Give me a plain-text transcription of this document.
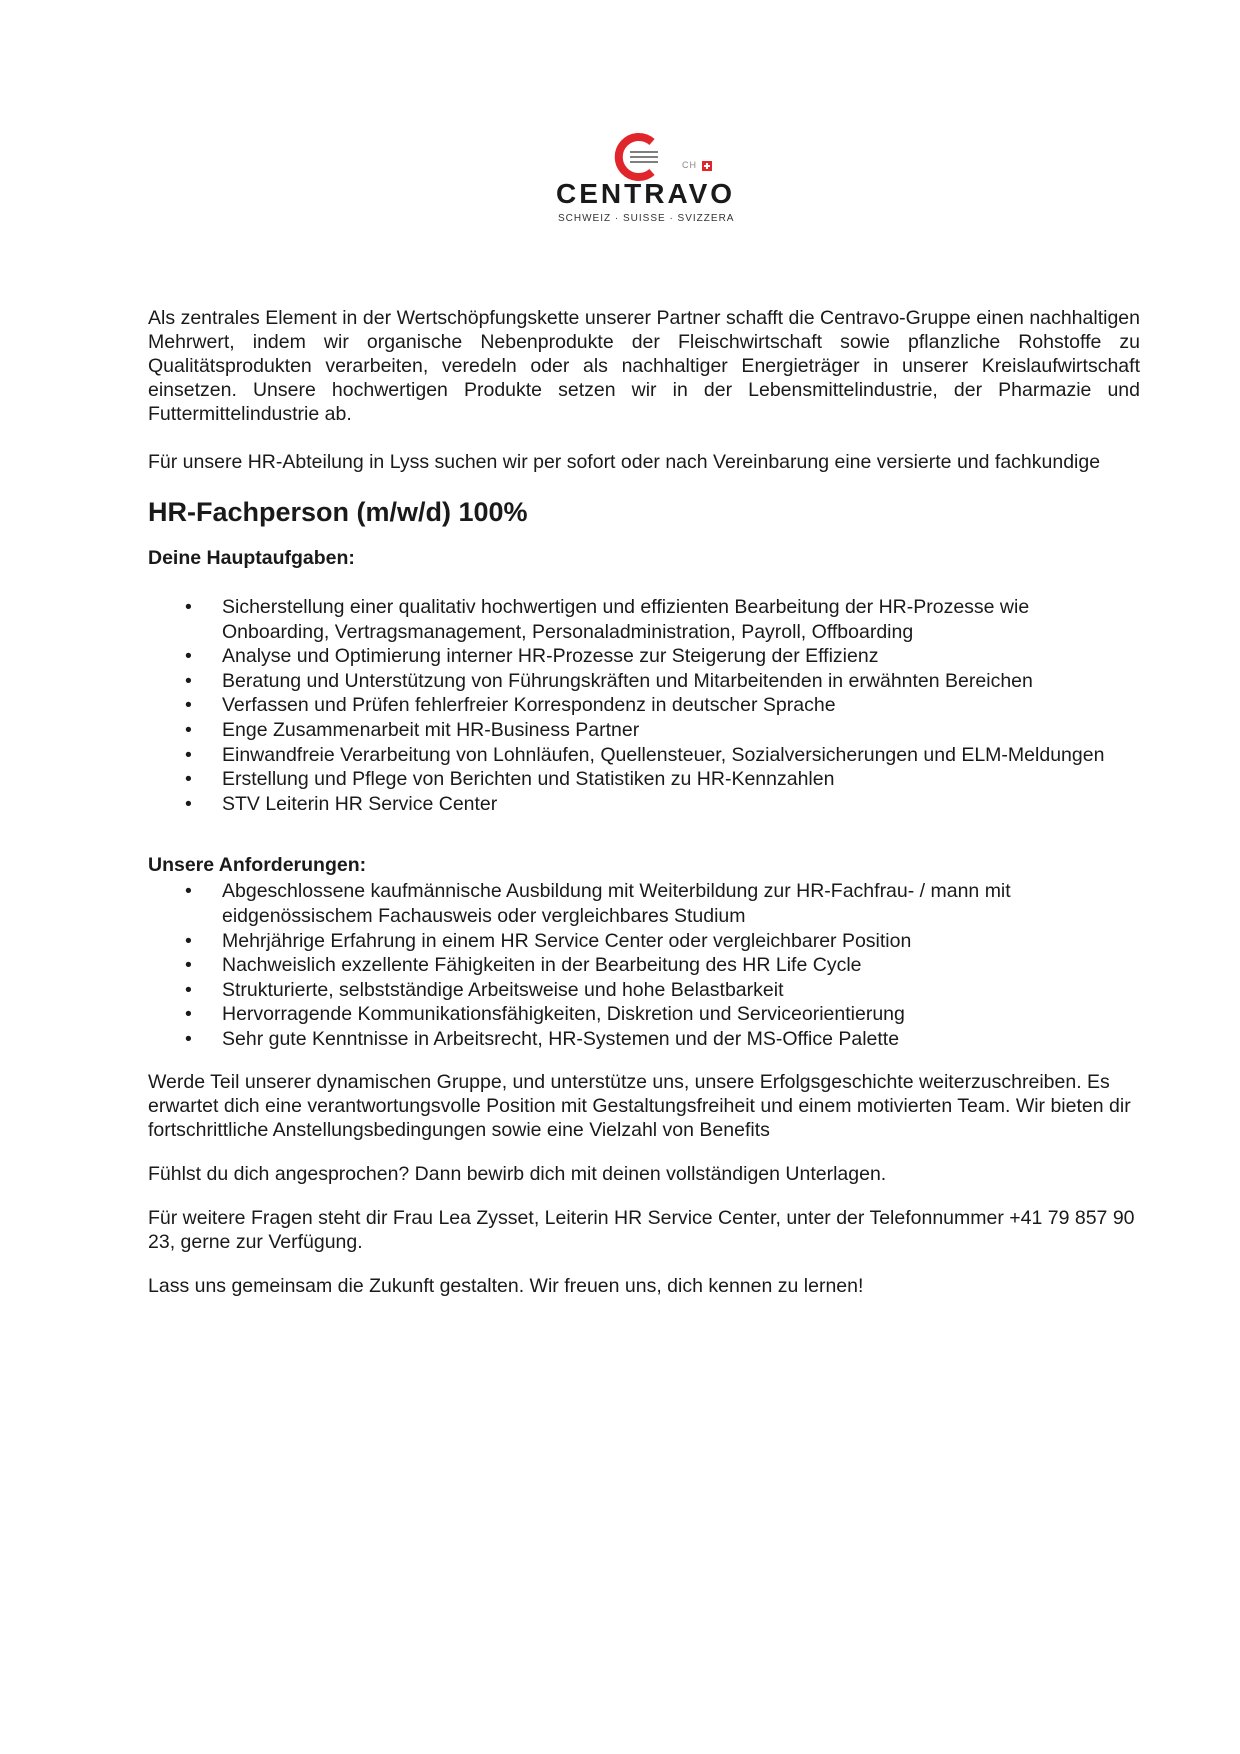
CH
CENTRAVO
SCHWEIZ · SUISSE · SVIZZERA

Als zentrales Element in der Wertschöpfungskette unserer Partner schafft die Centravo-Gruppe einen nachhaltigen Mehrwert, indem wir organische Nebenprodukte der Fleischwirtschaft sowie pflanzliche Rohstoffe zu Qualitätsprodukten verarbeiten, veredeln oder als nachhaltiger Energieträger in unserer Kreislaufwirtschaft einsetzen. Unsere hochwertigen Produkte setzen wir in der Lebensmittelindustrie, der Pharmazie und Futtermittelindustrie ab.

Für unsere HR-Abteilung in Lyss suchen wir per sofort oder nach Vereinbarung eine versierte und fachkundige

HR-Fachperson (m/w/d) 100%
Deine Hauptaufgaben:
• Sicherstellung einer qualitativ hochwertigen und effizienten Bearbeitung der HR-Prozesse wie Onboarding, Vertragsmanagement, Personaladministration, Payroll, Offboarding
• Analyse und Optimierung interner HR-Prozesse zur Steigerung der Effizienz
• Beratung und Unterstützung von Führungskräften und Mitarbeitenden in erwähnten Bereichen
• Verfassen und Prüfen fehlerfreier Korrespondenz in deutscher Sprache
• Enge Zusammenarbeit mit HR-Business Partner
• Einwandfreie Verarbeitung von Lohnläufen, Quellensteuer, Sozialversicherungen und ELM-Meldungen
• Erstellung und Pflege von Berichten und Statistiken zu HR-Kennzahlen
• STV Leiterin HR Service Center
Unsere Anforderungen:
• Abgeschlossene kaufmännische Ausbildung mit Weiterbildung zur HR-Fachfrau- / mann mit eidgenössischem Fachausweis oder vergleichbares Studium
• Mehrjährige Erfahrung in einem HR Service Center oder vergleichbarer Position
• Nachweislich exzellente Fähigkeiten in der Bearbeitung des HR Life Cycle
• Strukturierte, selbstständige Arbeitsweise und hohe Belastbarkeit
• Hervorragende Kommunikationsfähigkeiten, Diskretion und Serviceorientierung
• Sehr gute Kenntnisse in Arbeitsrecht, HR-Systemen und der MS-Office Palette

Werde Teil unserer dynamischen Gruppe, und unterstütze uns, unsere Erfolgsgeschichte weiterzuschreiben. Es erwartet dich eine verantwortungsvolle Position mit Gestaltungsfreiheit und einem motivierten Team. Wir bieten dir fortschrittliche Anstellungsbedingungen sowie eine Vielzahl von Benefits

Fühlst du dich angesprochen? Dann bewirb dich mit deinen vollständigen Unterlagen.

Für weitere Fragen steht dir Frau Lea Zysset, Leiterin HR Service Center, unter der Telefonnummer +41 79 857 90 23, gerne zur Verfügung.

Lass uns gemeinsam die Zukunft gestalten. Wir freuen uns, dich kennen zu lernen!
